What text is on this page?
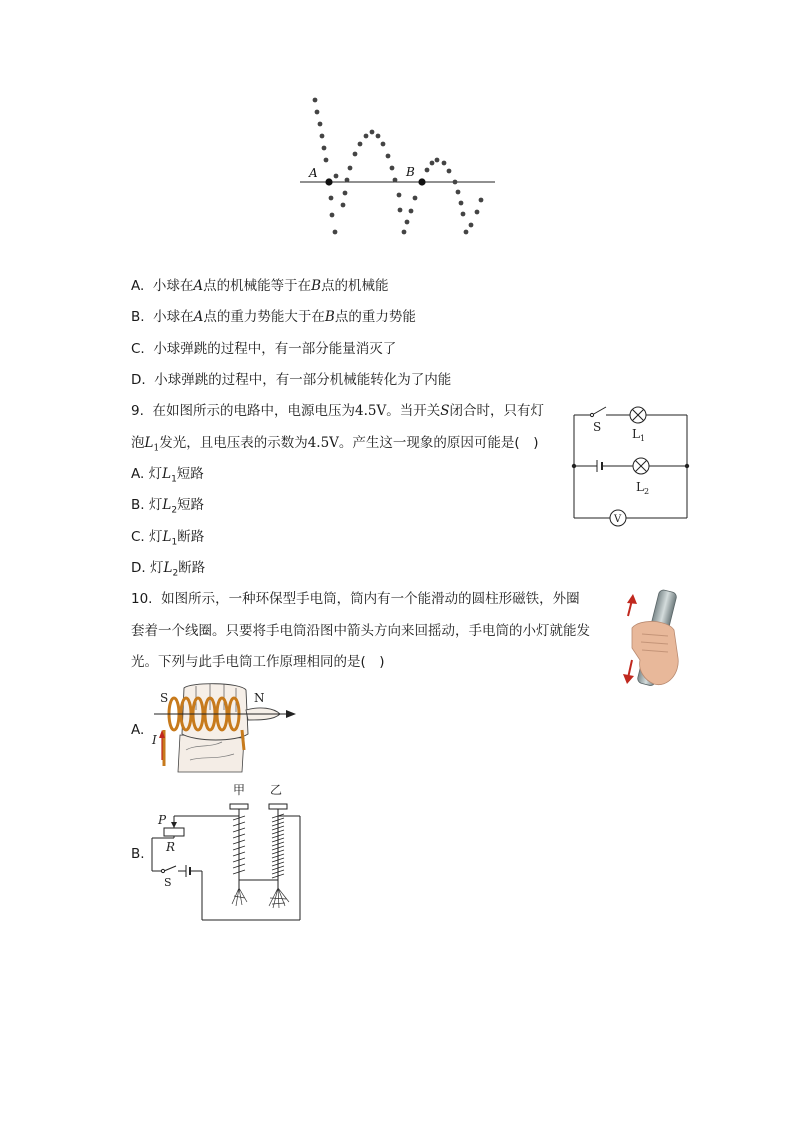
A	B
A. 小球在A点的机械能等于在B点的机械能
B. 小球在A点的重力势能大于在B点的重力势能
C. 小球弹跳的过程中，有一部分能量消灭了
D. 小球弹跳的过程中，有一部分机械能转化为了内能
9. 在如图所示的电路中，电源电压为4.5V。当开关S闭合时，只有灯
泡$L_1$发光，且电压表的示数为4.5V。产生这一现象的原因可能是(　)
A. 灯$L_1$短路
B. 灯$L_2$短路
C. 灯$L_1$断路
D. 灯$L_2$断路
S	$L_1$
$L_2$
V
10. 如图所示，一种环保型手电筒，筒内有一个能滑动的圆柱形磁铁，外圈
套着一个线圈。只要将手电筒沿图中箭头方向来回摇动，手电筒的小灯就能发
光。下列与此手电筒工作原理相同的是(　)
A.
S	N
I
B.
甲 乙
P
R
S
